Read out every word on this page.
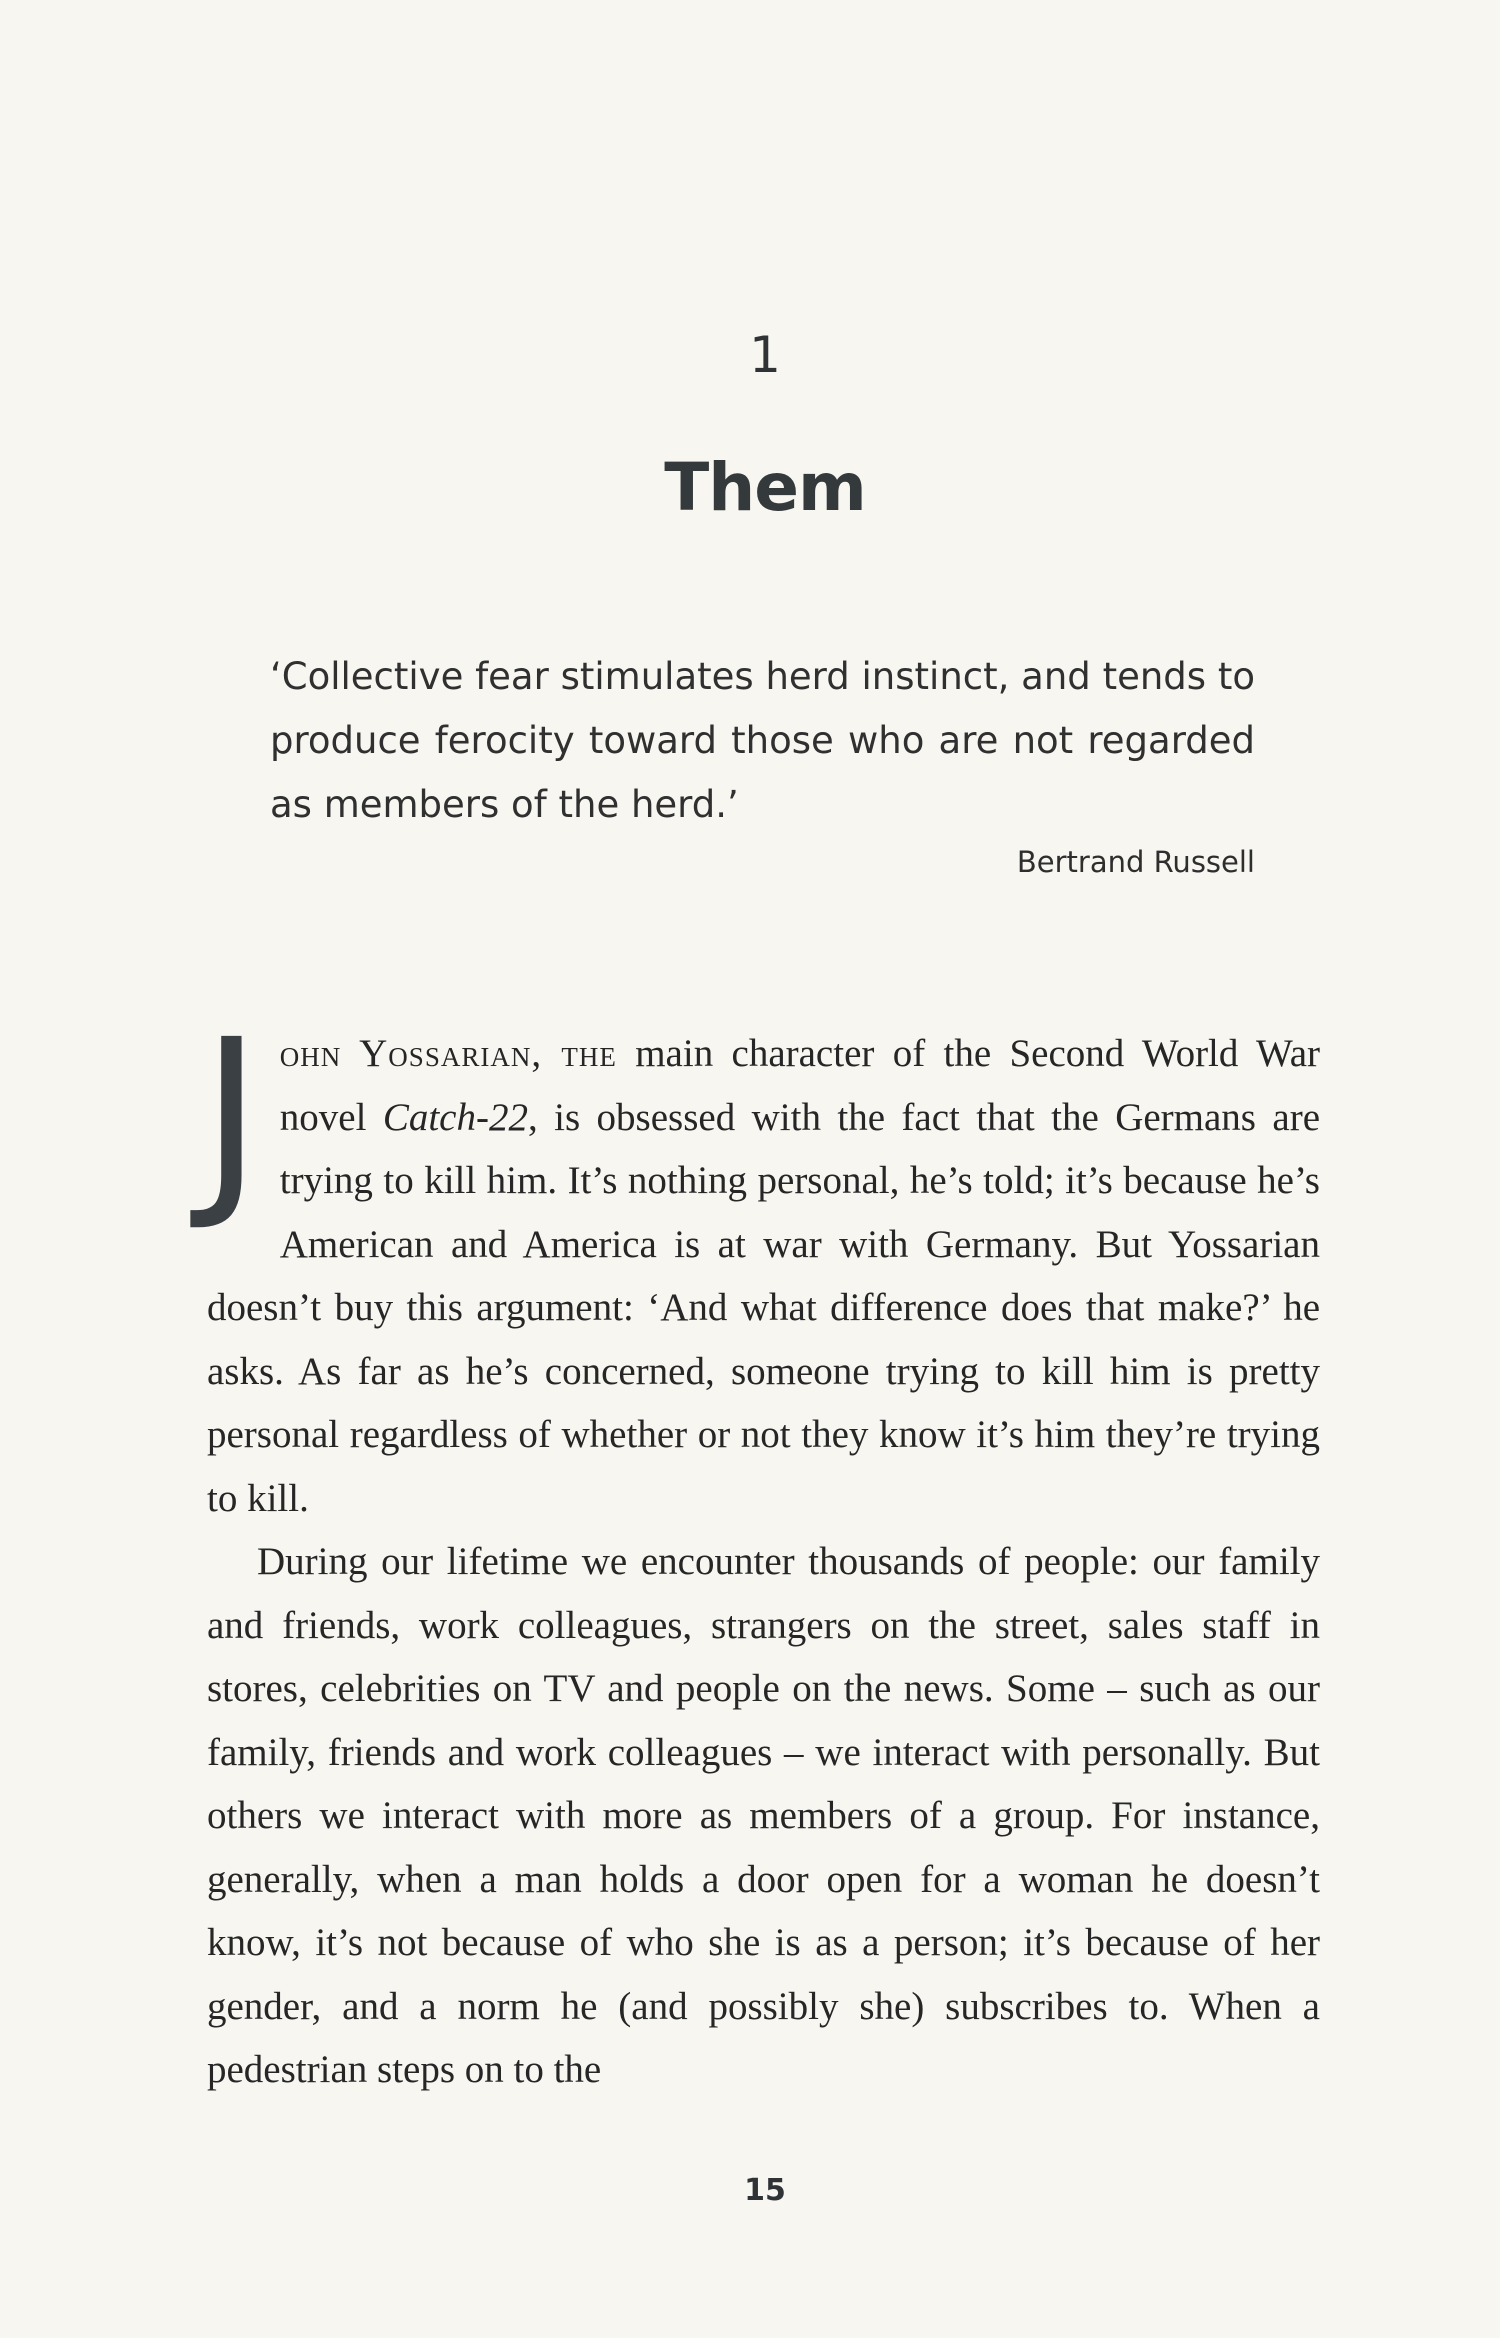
1
Them
‘Collective fear stimulates herd instinct, and tends to produce ferocity toward those who are not regarded as members of the herd.’
Bertrand Russell

John Yossarian, the main character of the Second World War novel Catch-22, is obsessed with the fact that the Germans are trying to kill him. It’s nothing personal, he’s told; it’s because he’s American and America is at war with Germany. But Yossarian doesn’t buy this argument: ‘And what difference does that make?’ he asks. As far as he’s concerned, someone trying to kill him is pretty personal regardless of whether or not they know it’s him they’re trying to kill.

During our lifetime we encounter thousands of people: our family and friends, work colleagues, strangers on the street, sales staff in stores, celebrities on TV and people on the news. Some – such as our family, friends and work colleagues – we interact with personally. But others we interact with more as members of a group. For instance, generally, when a man holds a door open for a woman he doesn’t know, it’s not because of who she is as a person; it’s because of her gender, and a norm he (and possibly she) subscribes to. When a pedestrian steps on to the

15
